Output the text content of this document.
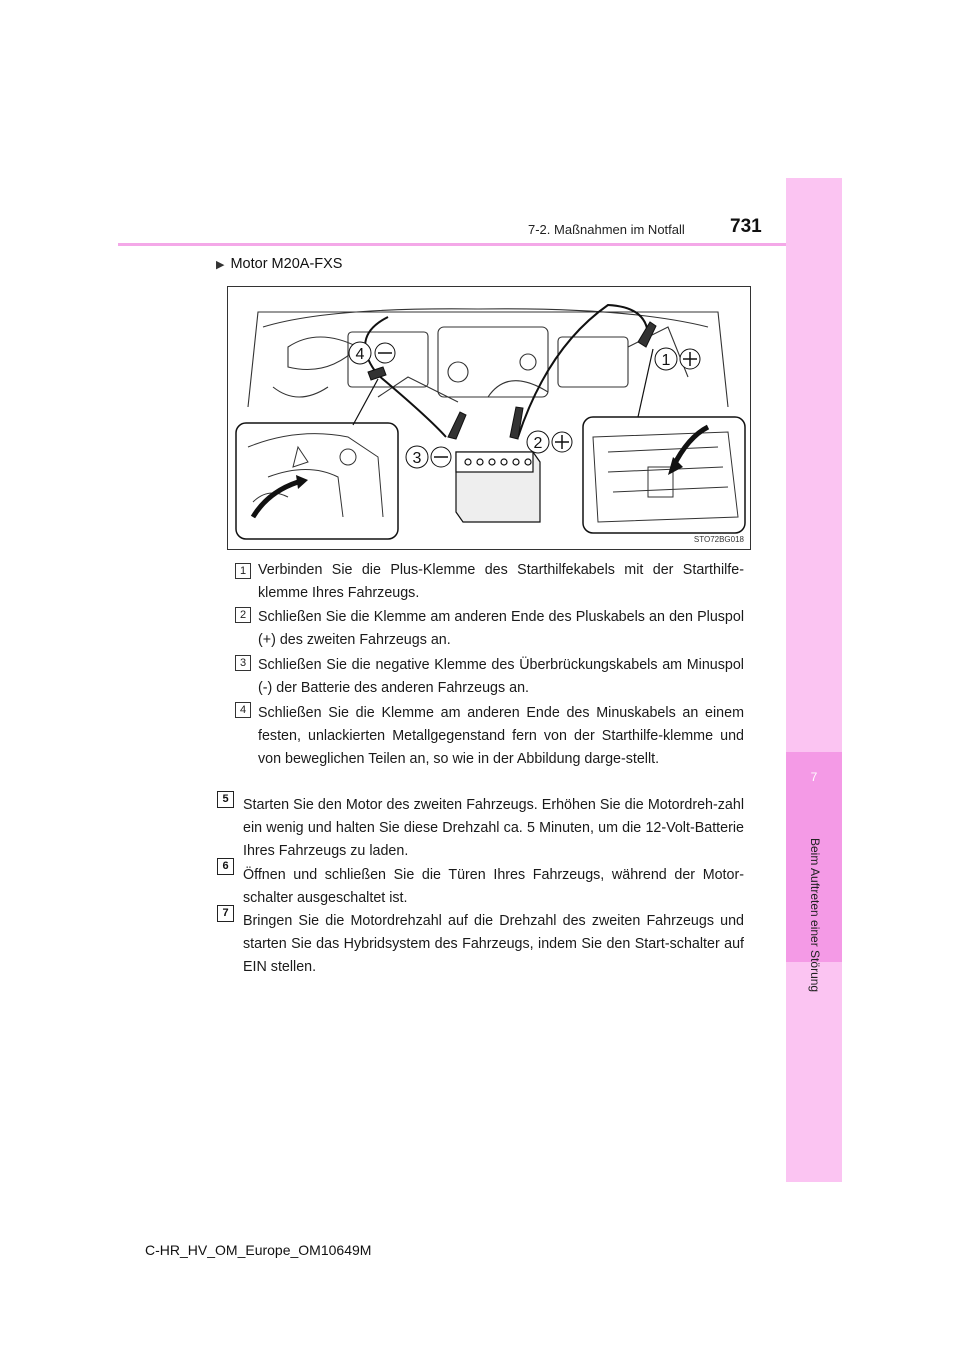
7-2. Maßnahmen im Notfall 731
7
Beim Auftreten einer Störung
▶ Motor M20A-FXS
4	1
2
3
STO72BG018
1 Verbinden Sie die Plus-Klemme des Starthilfekabels mit der Starthilfe-klemme Ihres Fahrzeugs.
2 Schließen Sie die Klemme am anderen Ende des Pluskabels an den Pluspol (+) des zweiten Fahrzeugs an.
3 Schließen Sie die negative Klemme des Überbrückungskabels am Minuspol (-) der Batterie des anderen Fahrzeugs an.
4 Schließen Sie die Klemme am anderen Ende des Minuskabels an einem festen, unlackierten Metallgegenstand fern von der Starthilfe-klemme und von beweglichen Teilen an, so wie in der Abbildung darge-stellt.
5	Starten Sie den Motor des zweiten Fahrzeugs. Erhöhen Sie die Motordreh-zahl ein wenig und halten Sie diese Drehzahl ca. 5 Minuten, um die 12-Volt-Batterie Ihres Fahrzeugs zu laden.
6
Öffnen und schließen Sie die Türen Ihres Fahrzeugs, während der Motor-schalter ausgeschaltet ist.
7	Bringen Sie die Motordrehzahl auf die Drehzahl des zweiten Fahrzeugs und starten Sie das Hybridsystem des Fahrzeugs, indem Sie den Start-schalter auf EIN stellen.
C-HR_HV_OM_Europe_OM10649M
